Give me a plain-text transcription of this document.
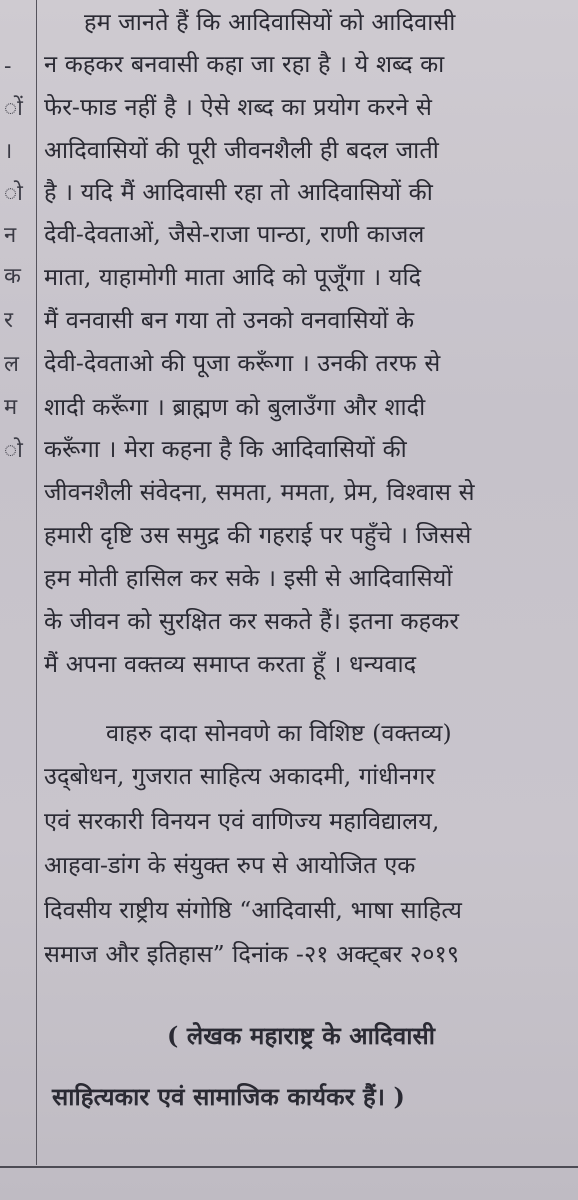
-
ों
।
ो
न
क
र
ल
म
ो
हम जानते हैं कि आदिवासियों को आदिवासी
न कहकर बनवासी कहा जा रहा है । ये शब्द का
फेर-फाड नहीं है । ऐसे शब्द का प्रयोग करने से
आदिवासियों की पूरी जीवनशैली ही बदल जाती
है । यदि मैं आदिवासी रहा तो आदिवासियों की
देवी-देवताओं, जैसे-राजा पान्ठा, राणी काजल
माता, याहामोगी माता आदि को पूजूँगा । यदि
मैं वनवासी बन गया तो उनको वनवासियों के
देवी-देवताओ की पूजा करूँगा । उनकी तरफ से
शादी करूँगा । ब्राह्मण को बुलाउँगा और शादी
करूँगा । मेरा कहना है कि आदिवासियों की
जीवनशैली संवेदना, समता, ममता, प्रेम, विश्वास से
हमारी दृष्टि उस समुद्र की गहराई पर पहुँचे । जिससे
हम मोती हासिल कर सके । इसी से आदिवासियों
के जीवन को सुरक्षित कर सकते हैं। इतना कहकर
मैं अपना वक्तव्य समाप्त करता हूँ । धन्यवाद
वाहरु दादा सोनवणे का विशिष्ट (वक्तव्य)
उद्‌बोधन, गुजरात साहित्य अकादमी, गांधीनगर
एवं सरकारी विनयन एवं वाणिज्य महाविद्यालय,
आहवा-डांग के संयुक्त रुप से आयोजित एक
दिवसीय राष्ट्रीय संगोष्ठि “आदिवासी, भाषा साहित्य
समाज और इतिहास” दिनांक -२१ अक्ट्बर २०१९
( लेखक महाराष्ट्र के आदिवासी
साहित्यकार एवं सामाजिक कार्यकर हैं। )
